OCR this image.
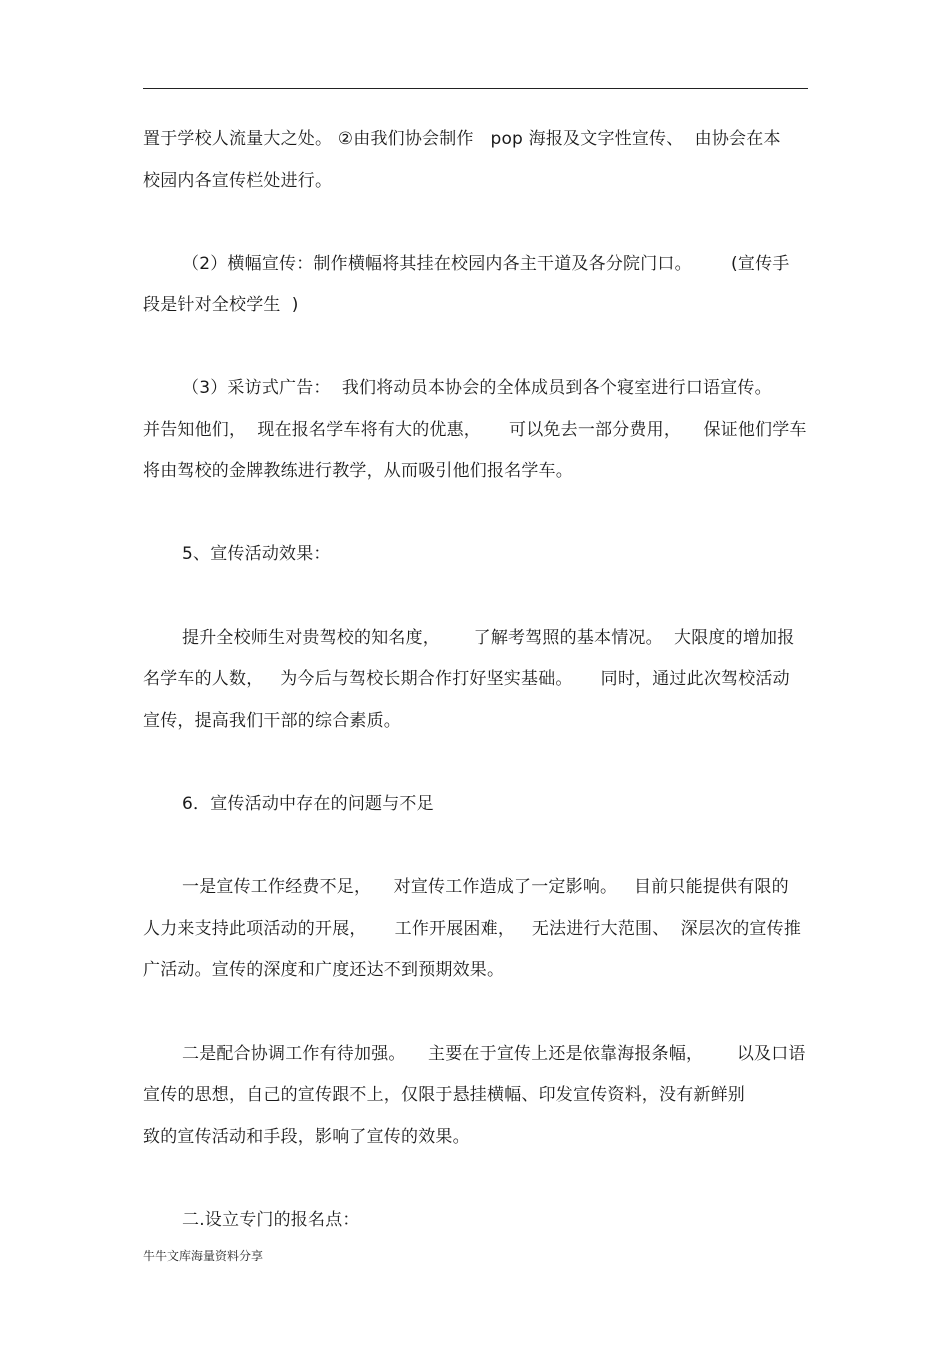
置于学校人流量大之处。 ②由我们协会制作   pop 海报及文字性宣传、  由协会在本
校园内各宣传栏处进行。
（2）横幅宣传：制作横幅将其挂在校园内各主干道及各分院门口。       (宣传手
段是针对全校学生  )
（3）采访式广告：  我们将动员本协会的全体成员到各个寝室进行口语宣传。
并告知他们，  现在报名学车将有大的优惠，     可以免去一部分费用，    保证他们学车
将由驾校的金牌教练进行教学，从而吸引他们报名学车。
5、宣传活动效果：
提升全校师生对贵驾校的知名度，      了解考驾照的基本情况。  大限度的增加报
名学车的人数，   为今后与驾校长期合作打好坚实基础。     同时，通过此次驾校活动
宣传，提高我们干部的综合素质。
6．宣传活动中存在的问题与不足
一是宣传工作经费不足，    对宣传工作造成了一定影响。   目前只能提供有限的
人力来支持此项活动的开展，     工作开展困难，   无法进行大范围、  深层次的宣传推
广活动。宣传的深度和广度还达不到预期效果。
二是配合协调工作有待加强。    主要在于宣传上还是依靠海报条幅，      以及口语
宣传的思想，自己的宣传跟不上，仅限于悬挂横幅、印发宣传资料，没有新鲜别
致的宣传活动和手段，影响了宣传的效果。
二.设立专门的报名点：
牛牛文库海量资料分享
